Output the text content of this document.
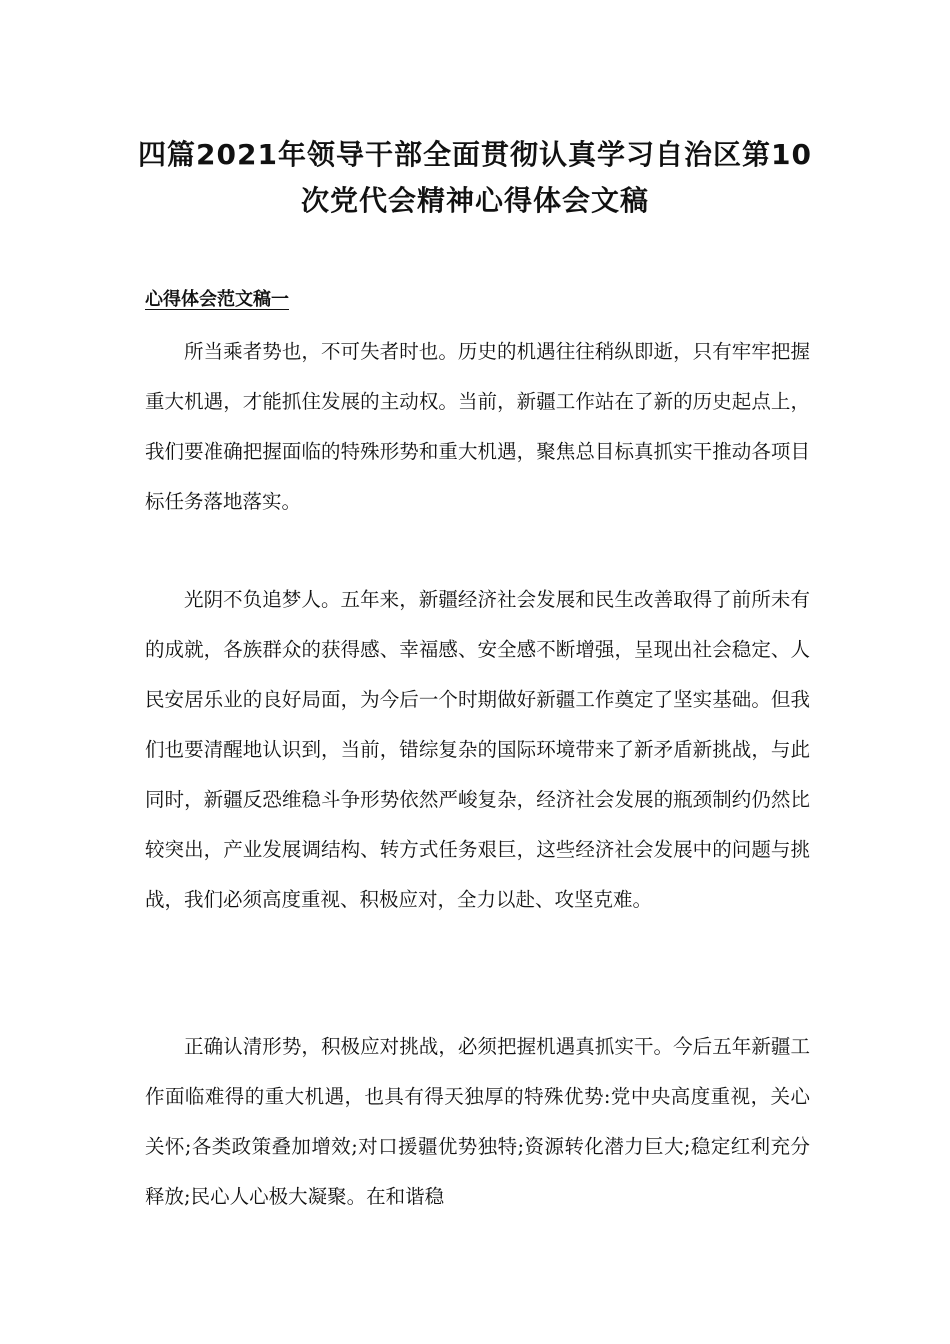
四篇2021年领导干部全面贯彻认真学习自治区第10
次党代会精神心得体会文稿
心得体会范文稿一

所当乘者势也，不可失者时也。历史的机遇往往稍纵即逝，只有牢牢把握重大机遇，才能抓住发展的主动权。当前，新疆工作站在了新的历史起点上，我们要准确把握面临的特殊形势和重大机遇，聚焦总目标真抓实干推动各项目标任务落地落实。

光阴不负追梦人。五年来，新疆经济社会发展和民生改善取得了前所未有的成就，各族群众的获得感、幸福感、安全感不断增强，呈现出社会稳定、人民安居乐业的良好局面，为今后一个时期做好新疆工作奠定了坚实基础。但我们也要清醒地认识到，当前，错综复杂的国际环境带来了新矛盾新挑战，与此同时，新疆反恐维稳斗争形势依然严峻复杂，经济社会发展的瓶颈制约仍然比较突出，产业发展调结构、转方式任务艰巨，这些经济社会发展中的问题与挑战，我们必须高度重视、积极应对，全力以赴、攻坚克难。

正确认清形势，积极应对挑战，必须把握机遇真抓实干。今后五年新疆工作面临难得的重大机遇，也具有得天独厚的特殊优势:党中央高度重视，关心关怀;各类政策叠加增效;对口援疆优势独特;资源转化潜力巨大;稳定红利充分释放;民心人心极大凝聚。在和谐稳
